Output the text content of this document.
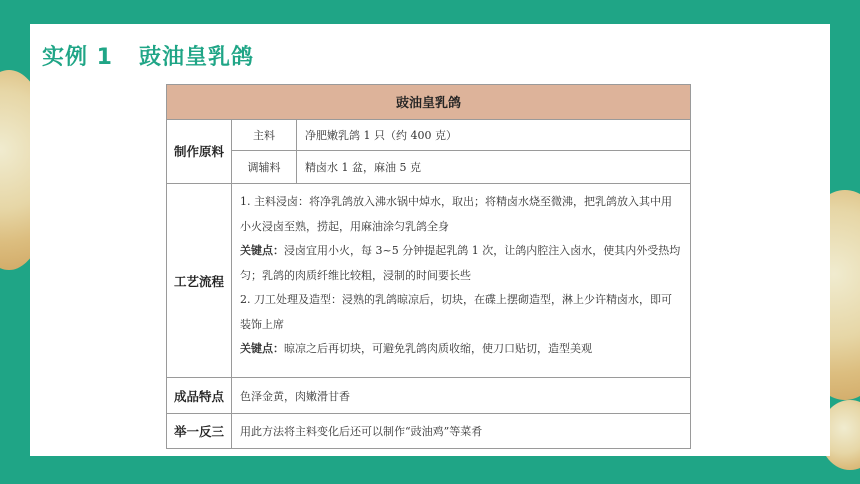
实例 1   豉油皇乳鸽
豉油皇乳鸽		
制作原料	主料	净肥嫩乳鸽 1 只（约 400 克）
	调辅料	精卤水 1 盆，麻油 5 克
工艺流程	1. 主料浸卤：将净乳鸽放入沸水锅中焯水，取出；将精卤水烧至微沸，把乳鸽放入其中用小火浸卤至熟，捞起，用麻油涂匀乳鸽全身

关键点：浸卤宜用小火，每 3~5 分钟提起乳鸽 1 次，让鸽内腔注入卤水，使其内外受热均匀；乳鸽的肉质纤维比较粗，浸制的时间要长些

2. 刀工处理及造型：浸熟的乳鸽晾凉后，切块，在碟上摆砌造型，淋上少许精卤水，即可装饰上席

关键点：晾凉之后再切块，可避免乳鸽肉质收缩，使刀口贴切，造型美观	

成品特点	色泽金黄，肉嫩滑甘香	
举一反三	用此方法将主料变化后还可以制作“豉油鸡”等菜肴	
